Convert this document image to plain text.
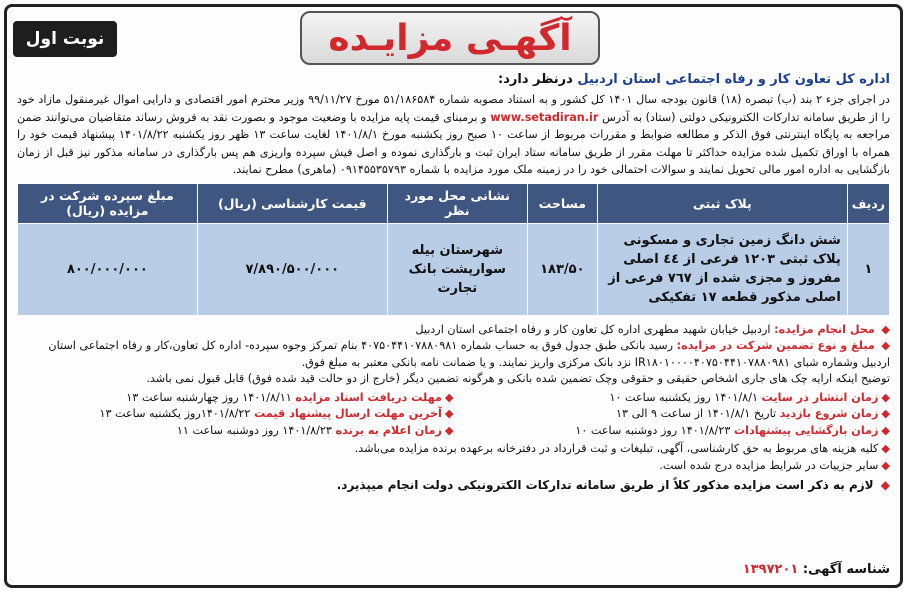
آگهـی مزایـده
نوبت اول
اداره کل تعاون کار و رفاه اجتماعی استان اردبیل درنظر دارد:
در اجرای جزء ۲ بند (ب) تبصره (۱۸) قانون بودجه سال ۱۴۰۱ کل کشور و به استناد مصوبه شماره ۵۱/۱۸۶۵۸۴ مورخ ۹۹/۱۱/۲۷ وزیر محترم امور اقتصادی و دارایی اموال غیرمنقول مازاد خود را از طریق سامانه تدارکات الکترونیکی دولتی (ستاد) به آدرس www.setadiran.ir و برمبنای قیمت پایه مزایده با وضعیت موجود و بصورت نقد به فروش رساند متقاضیان می‌توانند ضمن مراجعه به پایگاه اینترنتی فوق الذکر و مطالعه ضوابط و مقررات مربوط از ساعت ۱۰ صبح روز یکشنبه مورخ ۱۴۰۱/۸/۱ لغایت ساعت ۱۳ ظهر روز یکشنبه ۱۴۰۱/۸/۲۲ پیشنهاد قیمت خود را همراه با اوراق تکمیل شده مزایده حداکثر تا مهلت مقرر از طریق سامانه ستاد ایران ثبت و بارگذاری نموده و اصل فیش سپرده واریزی هم پس بارگذاری در سامانه مذکور نیز قبل از زمان بازگشایی به اداره امور مالی تحویل نمایند و سوالات احتمالی خود را در زمینه ملک مورد مزایده با شماره ۰۹۱۴۵۵۳۵۷۹۳ (ماهری) مطرح نمایند.
ردیف	پلاک ثبتی	مساحت	نشانی محل مورد نظر	قیمت کارشناسی (ریال)	مبلغ سپرده شرکت در مزایده (ریال)
۱	شش دانگ زمین تجاری و مسکونی پلاک ثبتی ۱۲۰۳ فرعی از ٤٤ اصلی مفروز و مجزی شده از ۷٦۷ فرعی از اصلی مذکور قطعه ۱۷ تفکیکی	۱۸۳/۵۰	شهرستان بیله سوارپشت بانک تجارت	۷/۸۹۰/۵۰۰/۰۰۰	۸۰۰/۰۰۰/۰۰۰
◆ محل انجام مزایده: اردبیل خیابان شهید مطهری اداره کل تعاون کار و رفاه اجتماعی استان اردبیل
◆ مبلغ و نوع تضمین شرکت در مزایده: رسید بانکی طبق جدول فوق به حساب شماره ۴۰۷۵۰۴۴۱۰۷۸۸۰۹۸۱ بنام تمرکز وجوه سپرده- اداره کل تعاون،کار و رفاه اجتماعی استان اردبیل وشماره شبای IR۱۸۰۱۰۰۰۰۴۰۷۵۰۴۴۱۰۷۸۸۰۹۸۱ نزد بانک مرکزی واریز نمایند. و یا ضمانت نامه بانکی معتبر به مبلغ فوق.
توضیح اینکه ارایه چک های جاری اشخاص حقیقی و حقوقی وچک تضمین شده بانکی و هرگونه تضمین دیگر (خارج از دو حالت قید شده فوق) قابل قبول نمی باشد.
◆زمان انتشار در سایت ۱۴۰۱/۸/۱ روز یکشنبه ساعت ۱۰
◆زمان شروع بازدید تاریخ ۱۴۰۱/۸/۱ از ساعت ۹ الی ۱۳
◆زمان بازگشایی پیشنهادات ۱۴۰۱/۸/۲۳ روز دوشنبه ساعت ۱۰
◆مهلت دریافت اسناد مزایده ۱۴۰۱/۸/۱۱ روز چهارشنبه ساعت ۱۳
◆آخرین مهلت ارسال پیشنهاد قیمت ۱۴۰۱/۸/۲۲روز یکشنبه ساعت ۱۳
◆زمان اعلام به برنده ۱۴۰۱/۸/۲۳ روز دوشنبه ساعت ۱۱
◆کلیه هزینه های مربوط به حق کارشناسی، آگهی، تبلیغات و ثبت قرارداد در دفترخانه برعهده برنده مزایده می‌باشد.
◆سایر جزییات در شرایط مزایده درج شده است.
◆ لازم به ذکر است مزایده مذکور کلاً از طریق سامانه تدارکات الکترونیکی دولت انجام میپذیرد.
شناسه آگهی: ۱۳۹۷۲۰۱
